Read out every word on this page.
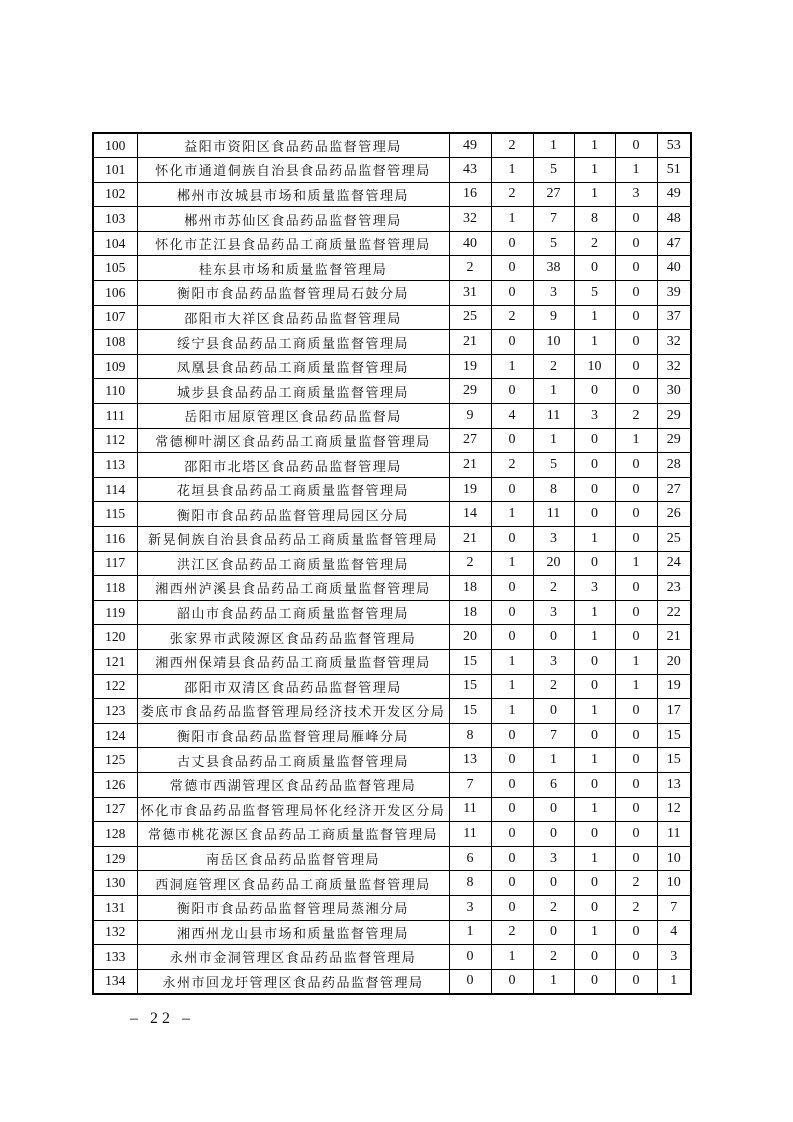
100	益阳市资阳区食品药品监督管理局	49	2	1	1	0	53
101	怀化市通道侗族自治县食品药品监督管理局	43	1	5	1	1	51
102	郴州市汝城县市场和质量监督管理局	16	2	27	1	3	49
103	郴州市苏仙区食品药品监督管理局	32	1	7	8	0	48
104	怀化市芷江县食品药品工商质量监督管理局	40	0	5	2	0	47
105	桂东县市场和质量监督管理局	2	0	38	0	0	40
106	衡阳市食品药品监督管理局石鼓分局	31	0	3	5	0	39
107	邵阳市大祥区食品药品监督管理局	25	2	9	1	0	37
108	绥宁县食品药品工商质量监督管理局	21	0	10	1	0	32
109	凤凰县食品药品工商质量监督管理局	19	1	2	10	0	32
110	城步县食品药品工商质量监督管理局	29	0	1	0	0	30
111	岳阳市屈原管理区食品药品监督局	9	4	11	3	2	29
112	常德柳叶湖区食品药品工商质量监督管理局	27	0	1	0	1	29
113	邵阳市北塔区食品药品监督管理局	21	2	5	0	0	28
114	花垣县食品药品工商质量监督管理局	19	0	8	0	0	27
115	衡阳市食品药品监督管理局园区分局	14	1	11	0	0	26
116	新晃侗族自治县食品药品工商质量监督管理局	21	0	3	1	0	25
117	洪江区食品药品工商质量监督管理局	2	1	20	0	1	24
118	湘西州泸溪县食品药品工商质量监督管理局	18	0	2	3	0	23
119	韶山市食品药品工商质量监督管理局	18	0	3	1	0	22
120	张家界市武陵源区食品药品监督管理局	20	0	0	1	0	21
121	湘西州保靖县食品药品工商质量监督管理局	15	1	3	0	1	20
122	邵阳市双清区食品药品监督管理局	15	1	2	0	1	19
123	娄底市食品药品监督管理局经济技术开发区分局	15	1	0	1	0	17
124	衡阳市食品药品监督管理局雁峰分局	8	0	7	0	0	15
125	古丈县食品药品工商质量监督管理局	13	0	1	1	0	15
126	常德市西湖管理区食品药品监督管理局	7	0	6	0	0	13
127	怀化市食品药品监督管理局怀化经济开发区分局	11	0	0	1	0	12
128	常德市桃花源区食品药品工商质量监督管理局	11	0	0	0	0	11
129	南岳区食品药品监督管理局	6	0	3	1	0	10
130	西洞庭管理区食品药品工商质量监督管理局	8	0	0	0	2	10
131	衡阳市食品药品监督管理局蒸湘分局	3	0	2	0	2	7
132	湘西州龙山县市场和质量监督管理局	1	2	0	1	0	4
133	永州市金洞管理区食品药品监督管理局	0	1	2	0	0	3
134	永州市回龙圩管理区食品药品监督管理局	0	0	1	0	0	1
– 22 –
